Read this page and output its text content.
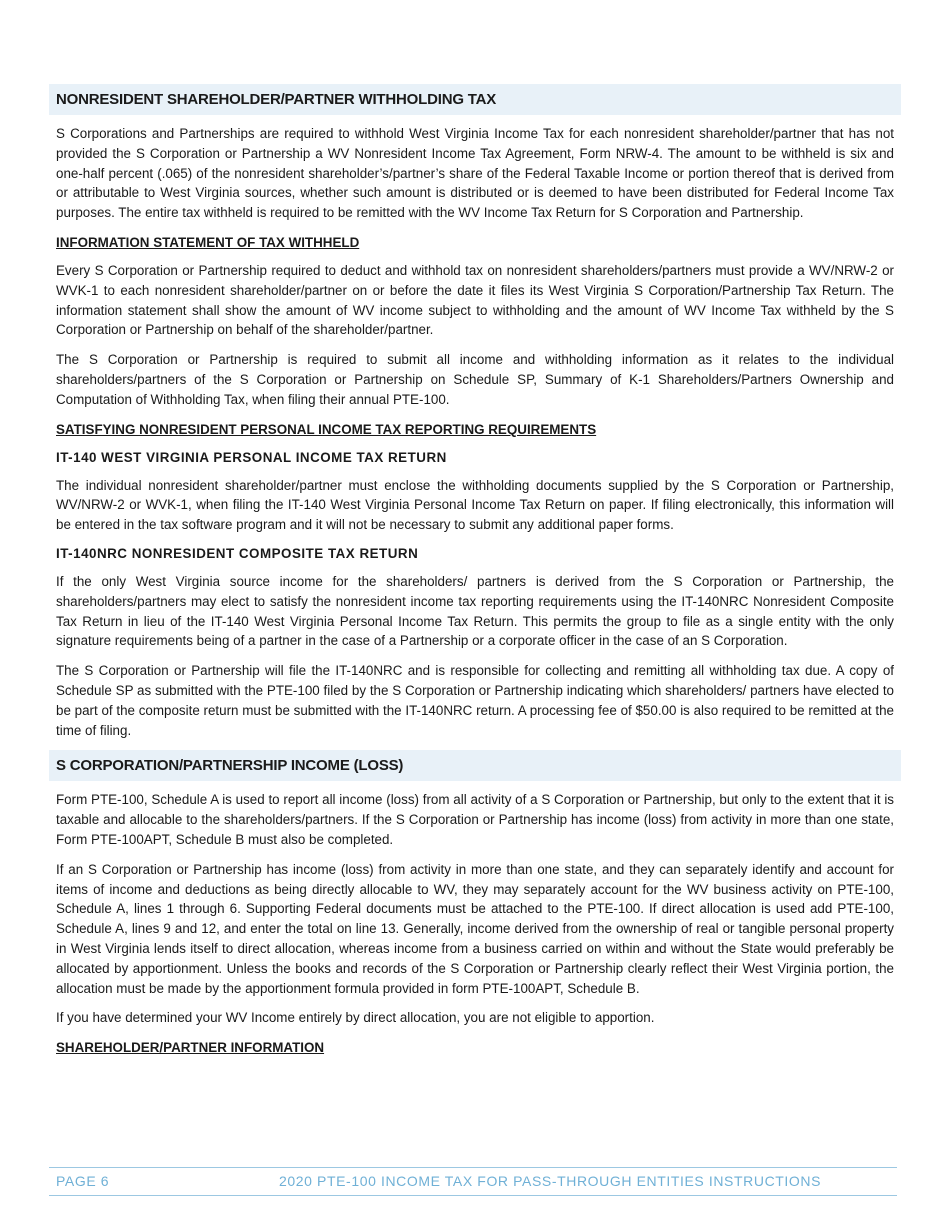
NONRESIDENT SHAREHOLDER/PARTNER WITHHOLDING TAX

S Corporations and Partnerships are required to withhold West Virginia Income Tax for each nonresident shareholder/partner that has not provided the S Corporation or Partnership a WV Nonresident Income Tax Agreement, Form NRW-4. The amount to be withheld is six and one-half percent (.065) of the nonresident shareholder’s/partner’s share of the Federal Taxable Income or portion thereof that is derived from or attributable to West Virginia sources, whether such amount is distributed or is deemed to have been distributed for Federal Income Tax purposes. The entire tax withheld is required to be remitted with the WV Income Tax Return for S Corporation and Partnership.

INFORMATION STATEMENT OF TAX WITHHELD

Every S Corporation or Partnership required to deduct and withhold tax on nonresident shareholders/partners must provide a WV/NRW-2 or WVK-1 to each nonresident shareholder/partner on or before the date it files its West Virginia S Corporation/Partnership Tax Return. The information statement shall show the amount of WV income subject to withholding and the amount of WV Income Tax withheld by the S Corporation or Partnership on behalf of the shareholder/partner.

The S Corporation or Partnership is required to submit all income and withholding information as it relates to the individual shareholders/partners of the S Corporation or Partnership on Schedule SP, Summary of K-1 Shareholders/Partners Ownership and Computation of Withholding Tax, when filing their annual PTE-100.

SATISFYING NONRESIDENT PERSONAL INCOME TAX REPORTING REQUIREMENTS
IT-140 WEST VIRGINIA PERSONAL INCOME TAX RETURN

The individual nonresident shareholder/partner must enclose the withholding documents supplied by the S Corporation or Partnership, WV/NRW-2 or WVK-1, when filing the IT-140 West Virginia Personal Income Tax Return on paper. If filing electronically, this information will be entered in the tax software program and it will not be necessary to submit any additional paper forms.

IT-140NRC NONRESIDENT COMPOSITE TAX RETURN

If the only West Virginia source income for the shareholders/ partners is derived from the S Corporation or Partnership, the shareholders/partners may elect to satisfy the nonresident income tax reporting requirements using the IT-140NRC Nonresident Composite Tax Return in lieu of the IT-140 West Virginia Personal Income Tax Return. This permits the group to file as a single entity with the only signature requirements being of a partner in the case of a Partnership or a corporate officer in the case of an S Corporation.

The S Corporation or Partnership will file the IT-140NRC and is responsible for collecting and remitting all withholding tax due. A copy of Schedule SP as submitted with the PTE-100 filed by the S Corporation or Partnership indicating which shareholders/ partners have elected to be part of the composite return must be submitted with the IT-140NRC return. A processing fee of $50.00 is also required to be remitted at the time of filing.

S CORPORATION/PARTNERSHIP INCOME (LOSS)

Form PTE-100, Schedule A is used to report all income (loss) from all activity of a S Corporation or Partnership, but only to the extent that it is taxable and allocable to the shareholders/partners. If the S Corporation or Partnership has income (loss) from activity in more than one state, Form PTE-100APT, Schedule B must also be completed.

If an S Corporation or Partnership has income (loss) from activity in more than one state, and they can separately identify and account for items of income and deductions as being directly allocable to WV, they may separately account for the WV business activity on PTE-100, Schedule A, lines 1 through 6. Supporting Federal documents must be attached to the PTE-100. If direct allocation is used add PTE-100, Schedule A, lines 9 and 12, and enter the total on line 13. Generally, income derived from the ownership of real or tangible personal property in West Virginia lends itself to direct allocation, whereas income from a business carried on within and without the State would preferably be allocated by apportionment. Unless the books and records of the S Corporation or Partnership clearly reflect their West Virginia portion, the allocation must be made by the apportionment formula provided in form PTE-100APT, Schedule B.

If you have determined your WV Income entirely by direct allocation, you are not eligible to apportion.

SHAREHOLDER/PARTNER INFORMATION
PAGE 6	2020 PTE-100 INCOME TAX FOR PASS-THROUGH ENTITIES INSTRUCTIONS
